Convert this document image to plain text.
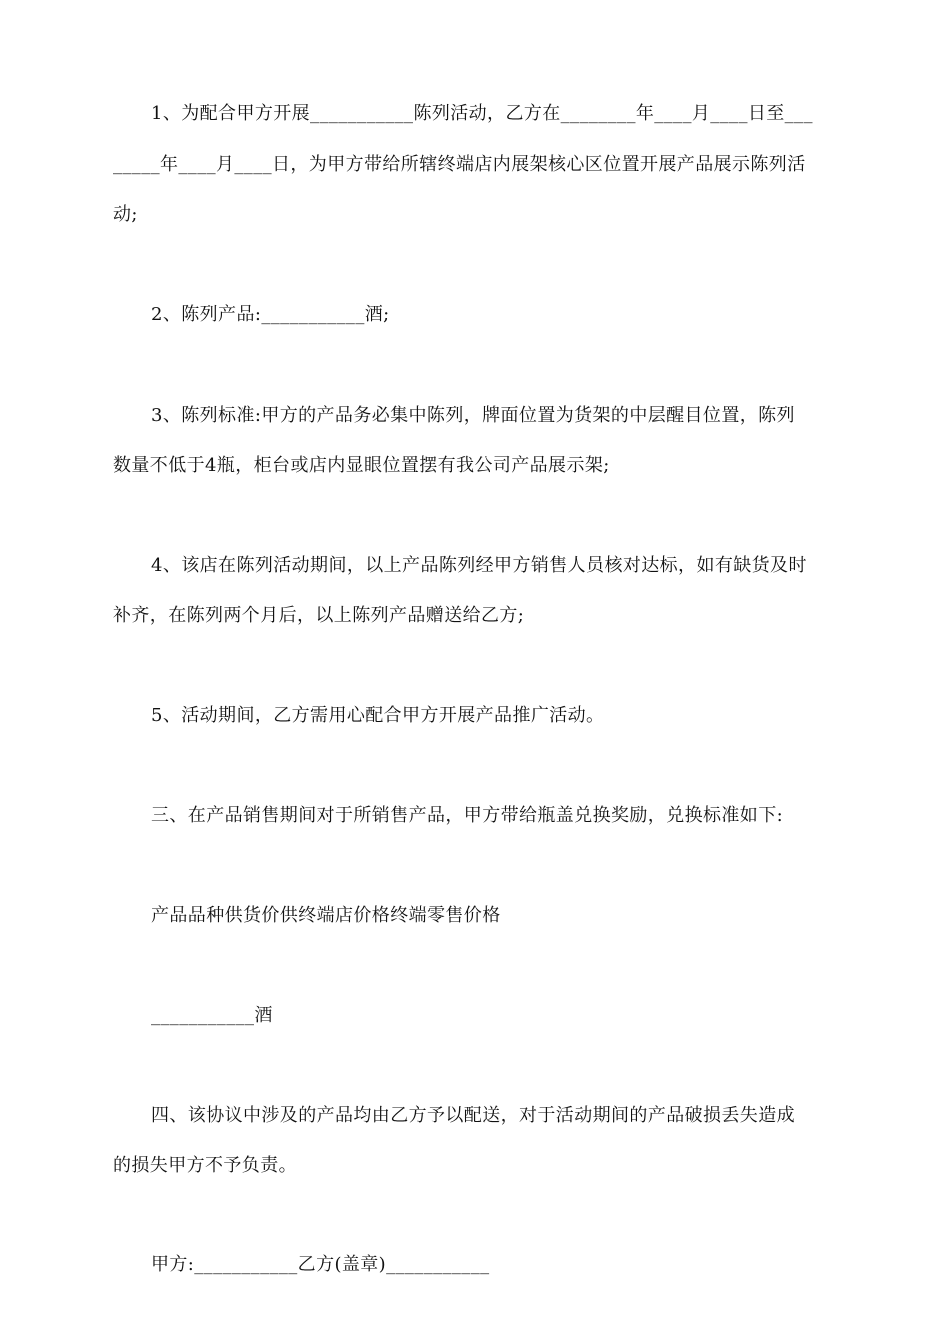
1、为配合甲方开展___________陈列活动，乙方在________年____月____日至___
_____年____月____日，为甲方带给所辖终端店内展架核心区位置开展产品展示陈列活
动;
2、陈列产品:___________酒;
3、陈列标准:甲方的产品务必集中陈列，牌面位置为货架的中层醒目位置，陈列
数量不低于4瓶，柜台或店内显眼位置摆有我公司产品展示架;
4、该店在陈列活动期间，以上产品陈列经甲方销售人员核对达标，如有缺货及时
补齐，在陈列两个月后，以上陈列产品赠送给乙方;
5、活动期间，乙方需用心配合甲方开展产品推广活动。
三、在产品销售期间对于所销售产品，甲方带给瓶盖兑换奖励，兑换标准如下:
产品品种供货价供终端店价格终端零售价格
___________酒
四、该协议中涉及的产品均由乙方予以配送，对于活动期间的产品破损丢失造成
的损失甲方不予负责。
甲方:___________乙方(盖章)___________
